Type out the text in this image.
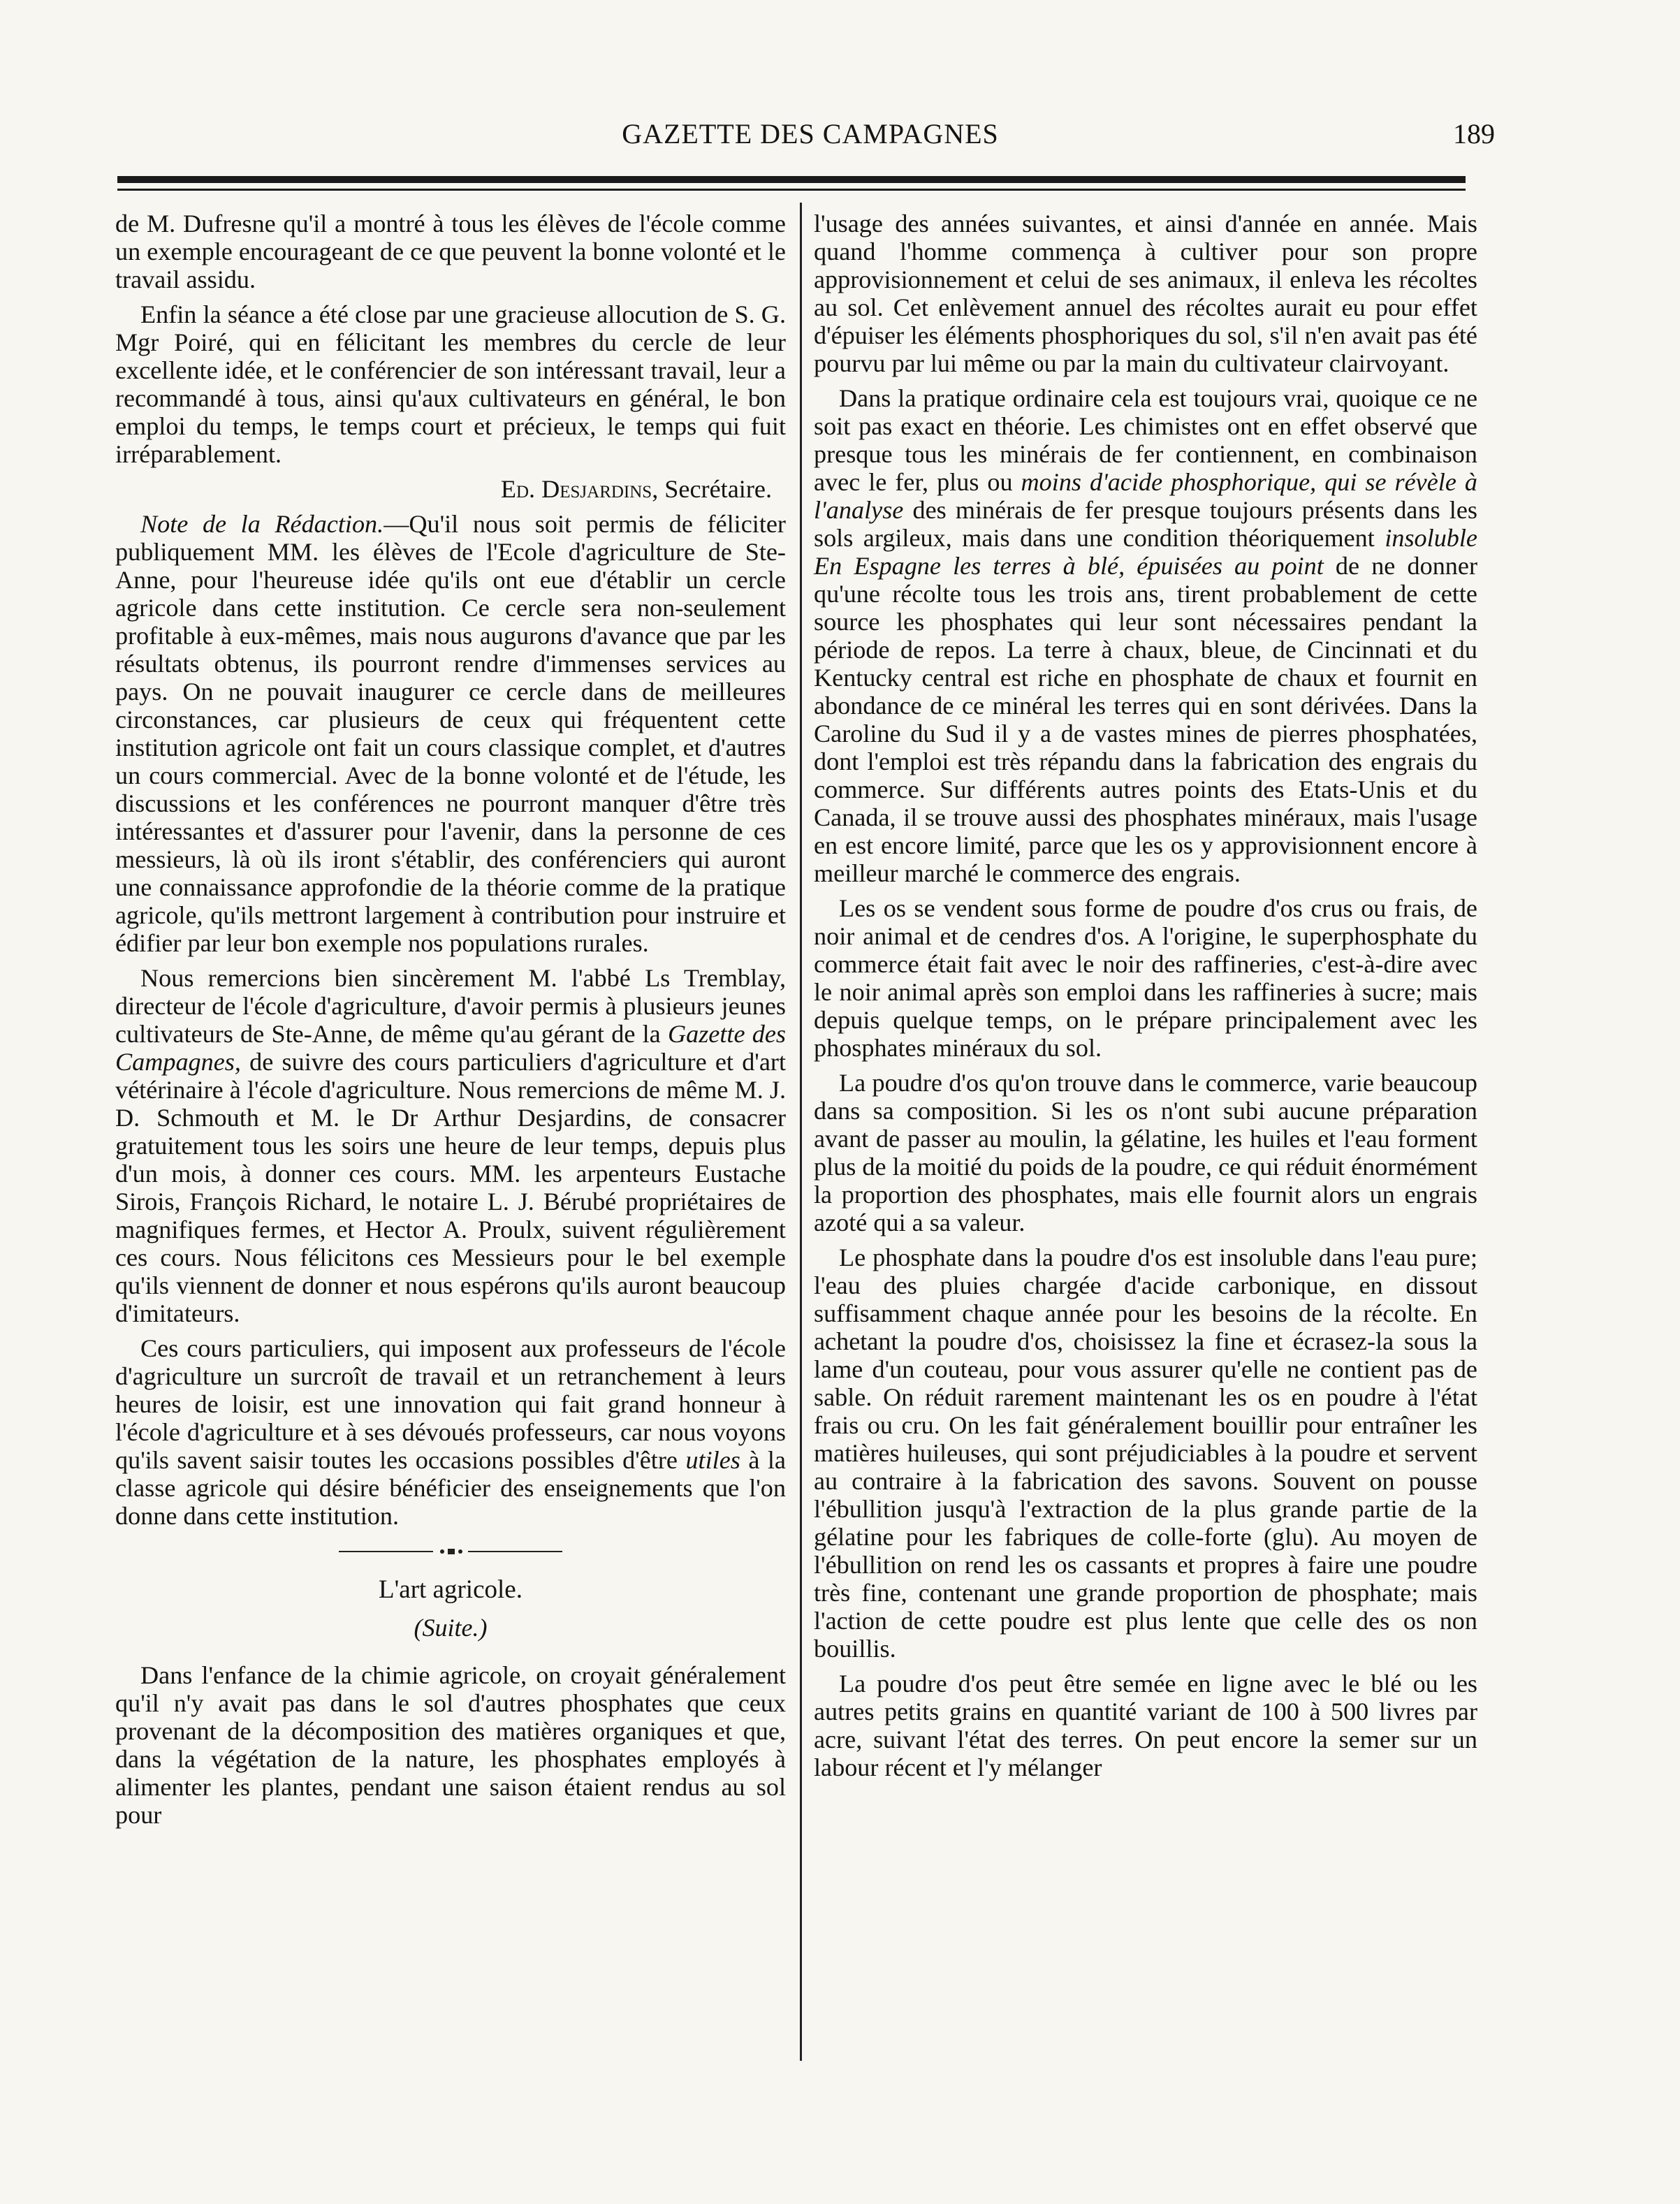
GAZETTE DES CAMPAGNES	189

de M. Dufresne qu'il a montré à tous les élèves de l'école comme un exemple encourageant de ce que peuvent la bonne volonté et le travail assidu.

Enfin la séance a été close par une gracieuse allocution de S. G. Mgr Poiré, qui en félicitant les membres du cercle de leur excellente idée, et le conférencier de son intéressant travail, leur a recommandé à tous, ainsi qu'aux cultivateurs en général, le bon emploi du temps, le temps court et précieux, le temps qui fuit irréparablement.

Ed. Desjardins, Secrétaire.

Note de la Rédaction.—Qu'il nous soit permis de féliciter publiquement MM. les élèves de l'Ecole d'agriculture de Ste-Anne, pour l'heureuse idée qu'ils ont eue d'établir un cercle agricole dans cette institution. Ce cercle sera non-seulement profitable à eux-mêmes, mais nous augurons d'avance que par les résultats obtenus, ils pourront rendre d'immenses services au pays. On ne pouvait inaugurer ce cercle dans de meilleures circonstances, car plusieurs de ceux qui fréquentent cette institution agricole ont fait un cours classique complet, et d'autres un cours commercial. Avec de la bonne volonté et de l'étude, les discussions et les conférences ne pourront manquer d'être très intéressantes et d'assurer pour l'avenir, dans la personne de ces messieurs, là où ils iront s'établir, des conférenciers qui auront une connaissance approfondie de la théorie comme de la pratique agricole, qu'ils mettront largement à contribution pour instruire et édifier par leur bon exemple nos populations rurales.

Nous remercions bien sincèrement M. l'abbé Ls Tremblay, directeur de l'école d'agriculture, d'avoir permis à plusieurs jeunes cultivateurs de Ste-Anne, de même qu'au gérant de la Gazette des Campagnes, de suivre des cours particuliers d'agriculture et d'art vétérinaire à l'école d'agriculture. Nous remercions de même M. J. D. Schmouth et M. le Dr Arthur Desjardins, de consacrer gratuitement tous les soirs une heure de leur temps, depuis plus d'un mois, à donner ces cours. MM. les arpenteurs Eustache Sirois, François Richard, le notaire L. J. Bérubé propriétaires de magnifiques fermes, et Hector A. Proulx, suivent régulièrement ces cours. Nous félicitons ces Messieurs pour le bel exemple qu'ils viennent de donner et nous espérons qu'ils auront beaucoup d'imitateurs.

Ces cours particuliers, qui imposent aux professeurs de l'école d'agriculture un surcroît de travail et un retranchement à leurs heures de loisir, est une innovation qui fait grand honneur à l'école d'agriculture et à ses dévoués professeurs, car nous voyons qu'ils savent saisir toutes les occasions possibles d'être utiles à la classe agricole qui désire bénéficier des enseignements que l'on donne dans cette institution.

L'art agricole.
(Suite.)

Dans l'enfance de la chimie agricole, on croyait généralement qu'il n'y avait pas dans le sol d'autres phosphates que ceux provenant de la décomposition des matières organiques et que, dans la végétation de la nature, les phosphates employés à alimenter les plantes, pendant une saison étaient rendus au sol pour

l'usage des années suivantes, et ainsi d'année en année. Mais quand l'homme commença à cultiver pour son propre approvisionnement et celui de ses animaux, il enleva les récoltes au sol. Cet enlèvement annuel des récoltes aurait eu pour effet d'épuiser les éléments phosphoriques du sol, s'il n'en avait pas été pourvu par lui même ou par la main du cultivateur clairvoyant.

Dans la pratique ordinaire cela est toujours vrai, quoique ce ne soit pas exact en théorie. Les chimistes ont en effet observé que presque tous les minérais de fer contiennent, en combinaison avec le fer, plus ou moins d'acide phosphorique, qui se révèle à l'analyse des minérais de fer presque toujours présents dans les sols argileux, mais dans une condition théoriquement insoluble En Espagne les terres à blé, épuisées au point de ne donner qu'une récolte tous les trois ans, tirent probablement de cette source les phosphates qui leur sont nécessaires pendant la période de repos. La terre à chaux, bleue, de Cincinnati et du Kentucky central est riche en phosphate de chaux et fournit en abondance de ce minéral les terres qui en sont dérivées. Dans la Caroline du Sud il y a de vastes mines de pierres phosphatées, dont l'emploi est très répandu dans la fabrication des engrais du commerce. Sur différents autres points des Etats-Unis et du Canada, il se trouve aussi des phosphates minéraux, mais l'usage en est encore limité, parce que les os y approvisionnent encore à meilleur marché le commerce des engrais.

Les os se vendent sous forme de poudre d'os crus ou frais, de noir animal et de cendres d'os. A l'origine, le superphosphate du commerce était fait avec le noir des raffineries, c'est-à-dire avec le noir animal après son emploi dans les raffineries à sucre; mais depuis quelque temps, on le prépare principalement avec les phosphates minéraux du sol.

La poudre d'os qu'on trouve dans le commerce, varie beaucoup dans sa composition. Si les os n'ont subi aucune préparation avant de passer au moulin, la gélatine, les huiles et l'eau forment plus de la moitié du poids de la poudre, ce qui réduit énormément la proportion des phosphates, mais elle fournit alors un engrais azoté qui a sa valeur.

Le phosphate dans la poudre d'os est insoluble dans l'eau pure; l'eau des pluies chargée d'acide carbonique, en dissout suffisamment chaque année pour les besoins de la récolte. En achetant la poudre d'os, choisissez la fine et écrasez-la sous la lame d'un couteau, pour vous assurer qu'elle ne contient pas de sable. On réduit rarement maintenant les os en poudre à l'état frais ou cru. On les fait généralement bouillir pour entraîner les matières huileuses, qui sont préjudiciables à la poudre et servent au contraire à la fabrication des savons. Souvent on pousse l'ébullition jusqu'à l'extraction de la plus grande partie de la gélatine pour les fabriques de colle-forte (glu). Au moyen de l'ébullition on rend les os cassants et propres à faire une poudre très fine, contenant une grande proportion de phosphate; mais l'action de cette poudre est plus lente que celle des os non bouillis.

La poudre d'os peut être semée en ligne avec le blé ou les autres petits grains en quantité variant de 100 à 500 livres par acre, suivant l'état des terres. On peut encore la semer sur un labour récent et l'y mélanger
